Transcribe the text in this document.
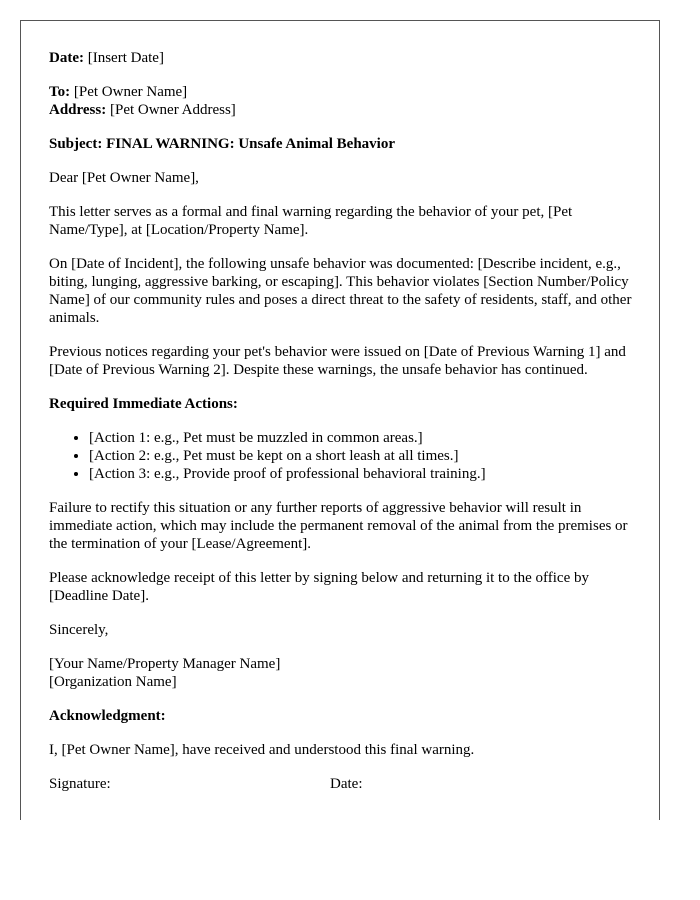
Date: [Insert Date]

To: [Pet Owner Name]
Address: [Pet Owner Address]

Subject: FINAL WARNING: Unsafe Animal Behavior

Dear [Pet Owner Name],

This letter serves as a formal and final warning regarding the behavior of your pet, [Pet Name/Type], at [Location/Property Name].

On [Date of Incident], the following unsafe behavior was documented: [Describe incident, e.g., biting, lunging, aggressive barking, or escaping]. This behavior violates [Section Number/Policy Name] of our community rules and poses a direct threat to the safety of residents, staff, and other animals.

Previous notices regarding your pet's behavior were issued on [Date of Previous Warning 1] and [Date of Previous Warning 2]. Despite these warnings, the unsafe behavior has continued.

Required Immediate Actions:

• [Action 1: e.g., Pet must be muzzled in common areas.]
• [Action 2: e.g., Pet must be kept on a short leash at all times.]
• [Action 3: e.g., Provide proof of professional behavioral training.]

Failure to rectify this situation or any further reports of aggressive behavior will result in immediate action, which may include the permanent removal of the animal from the premises or the termination of your [Lease/Agreement].

Please acknowledge receipt of this letter by signing below and returning it to the office by [Deadline Date].

Sincerely,

[Your Name/Property Manager Name]
[Organization Name]

Acknowledgment:

I, [Pet Owner Name], have received and understood this final warning.

Signature:	Date:
